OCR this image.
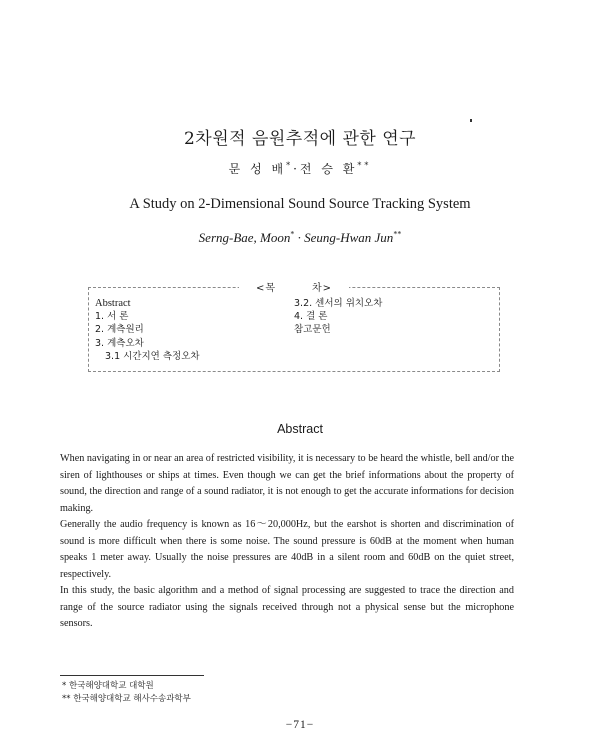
2차원적 음원추적에 관한 연구
문 성 배*·전 승 환**
A Study on 2-Dimensional Sound Source Tracking System
Serng-Bae, Moon* · Seung-Hwan Jun**
<목	차>
Abstract
1. 서 론
2. 계측원리
3. 계측오차
3.1 시간지연 측정오차
3.2. 센서의 위치오차
4. 결 론
참고문헌
Abstract

When navigating in or near an area of restricted visibility, it is necessary to be heard the whistle, bell and/or the siren of lighthouses or ships at times. Even though we can get the brief informations about the property of sound, the direction and range of a sound radiator, it is not enough to get the accurate informations for decision making.

Generally the audio frequency is known as 16～20,000Hz, but the earshot is shorten and discrimination of sound is more difficult when there is some noise. The sound pressure is 60dB at the moment when human speaks 1 meter away. Usually the noise pressures are 40dB in a silent room and 60dB on the quiet street, respectively.

In this study, the basic algorithm and a method of signal processing are suggested to trace the direction and range of the source radiator using the signals received through not a physical sense but the microphone sensors.

* 한국해양대학교 대학원
** 한국해양대학교 해사수송과학부
−71−
